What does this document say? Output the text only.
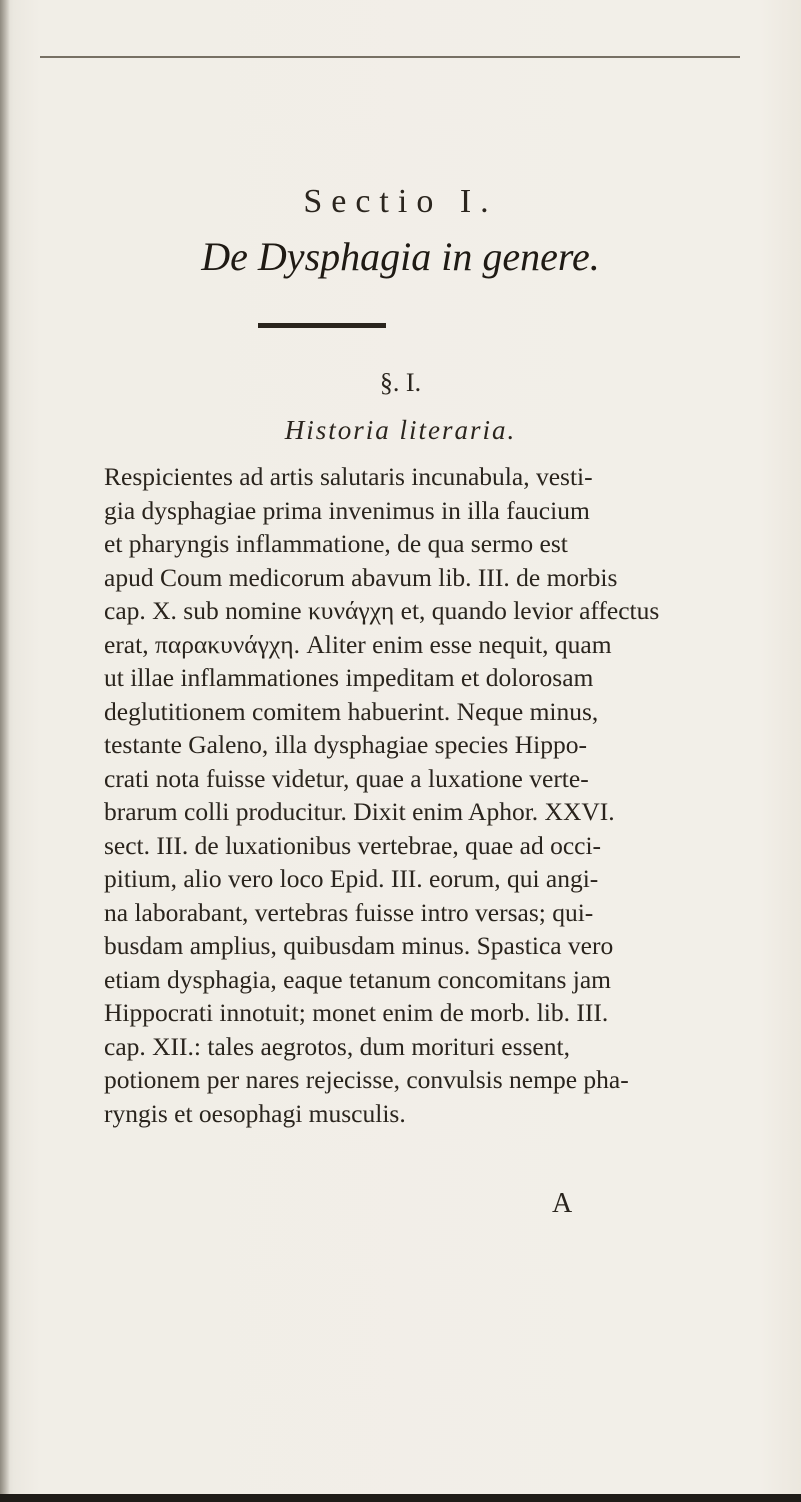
Sectio I.
De Dysphagia in genere.
§. I.
Historia literaria.
Respicientes ad artis salutaris incunabula, vesti-
gia dysphagiae prima invenimus in illa faucium
et pharyngis inflammatione, de qua sermo est
apud Coum medicorum abavum lib. III. de morbis
cap. X. sub nomine κυνάγχη et, quando levior affectus
erat, παρακυνάγχη. Aliter enim esse nequit, quam
ut illae inflammationes impeditam et dolorosam
deglutitionem comitem habuerint. Neque minus,
testante Galeno, illa dysphagiae species Hippo-
crati nota fuisse videtur, quae a luxatione verte-
brarum colli producitur. Dixit enim Aphor. XXVI.
sect. III. de luxationibus vertebrae, quae ad occi-
pitium, alio vero loco Epid. III. eorum, qui angi-
na laborabant, vertebras fuisse intro versas; qui-
busdam amplius, quibusdam minus. Spastica vero
etiam dysphagia, eaque tetanum concomitans jam
Hippocrati innotuit; monet enim de morb. lib. III.
cap. XII.: tales aegrotos, dum morituri essent,
potionem per nares rejecisse, convulsis nempe pha-
ryngis et oesophagi musculis.
A
